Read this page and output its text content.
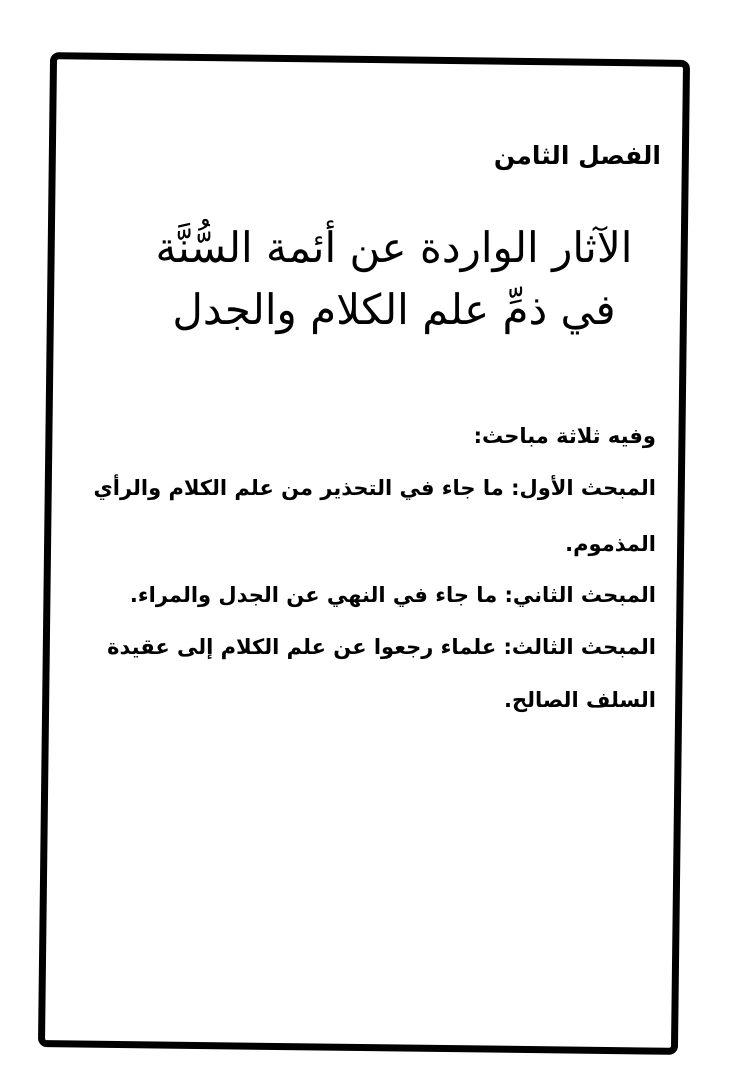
الفصل الثامن
الآثار الواردة عن أئمة السُّنَّة
في ذمِّ علم الكلام والجدل
وفيه ثلاثة مباحث:
المبحث الأول: ما جاء في التحذير من علم الكلام والرأي
المذموم.
المبحث الثاني: ما جاء في النهي عن الجدل والمراء.
المبحث الثالث: علماء رجعوا عن علم الكلام إلى عقيدة
السلف الصالح.
